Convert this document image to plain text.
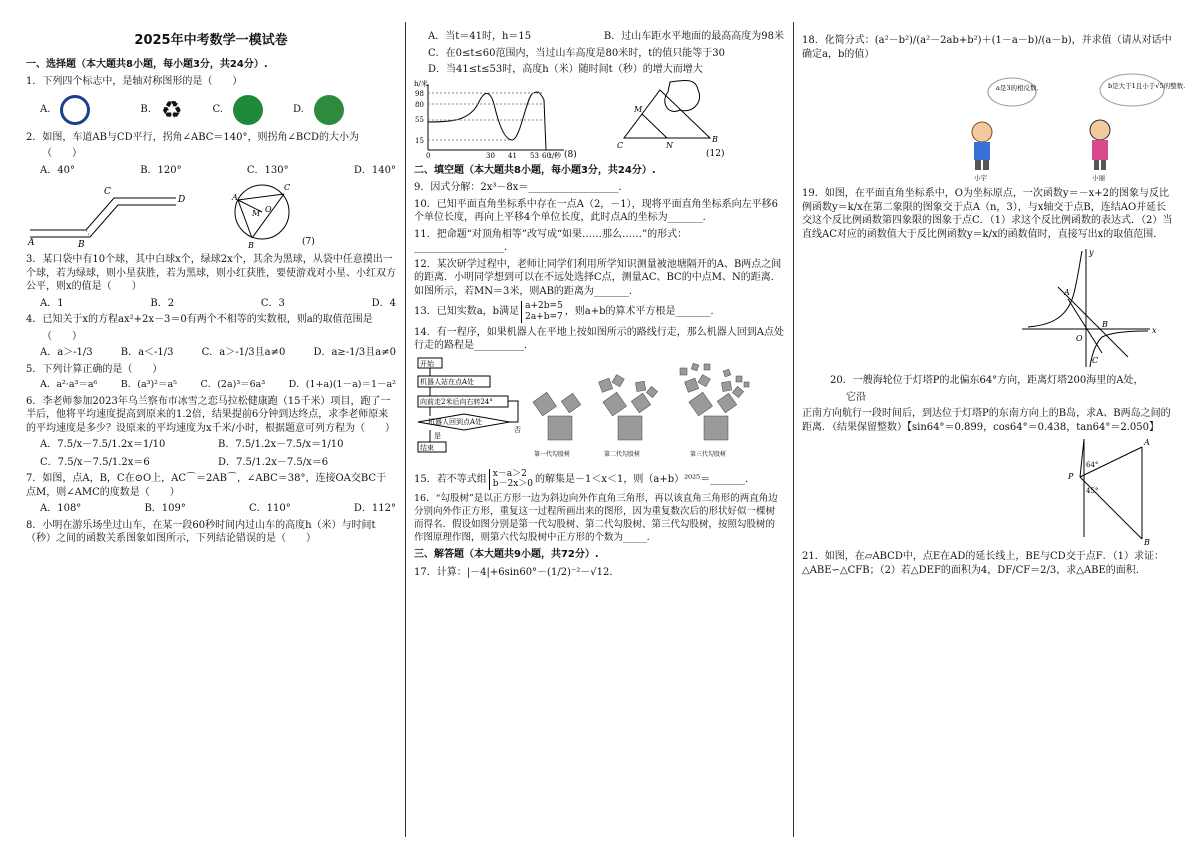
2025年中考数学一模试卷
一、选择题（本大题共8小题，每小题3分，共24分）.
1．下列四个标志中，是轴对称图形的是（　　）
A.	B. ♻	C.	D.
2．如图，车道AB与CD平行，拐角∠ABC＝140°，则拐角∠BCD的大小为
（　　）
A．40°	B．120°	C．130°	D．140°
A	B
C
D	A
B
C
O
M
(7)
3．某口袋中有10个球，其中白球x个，绿球2x个，其余为黑球，从袋中任意摸出一个球，若为绿球，则小星获胜，若为黑球，则小红获胜，要使游戏对小星、小红双方公平，则x的值是（　　）
A．1	B．2	C．3	D．4
4．已知关于x的方程ax²+2x－3＝0有两个不相等的实数根，则a的取值范围是
（　　）
A．a＞-1/3	B．a＜-1/3	C．a＞-1/3且a≠0	D．a≥-1/3且a≠0
5．下列计算正确的是（　　）
A．a²·a³＝a⁶ B．(a³)²＝a⁵ C．(2a)³＝6a³ D．(1+a)(1－a)＝1－a²
6．李老师参加2023年乌兰察布市冰雪之恋马拉松健康跑（15千米）项目，跑了一半后，他将平均速度提高到原来的1.2倍，结果提前6分钟到达终点，求李老师原来的平均速度是多少？设原来的平均速度为x千米/小时，根据题意可列方程为（　　）
A．7.5/x－7.5/1.2x＝1/10	B．7.5/1.2x－7.5/x＝1/10
C．7.5/x－7.5/1.2x＝6	D．7.5/1.2x－7.5/x＝6
7．如图，点A，B，C在⊙O上，AC⌒＝2AB⌒，∠ABC＝38°，连接OA交BC于点M，则∠AMC的度数是（　　）
A．108°	B．109°	C．110°	D．112°
8．小明在游乐场坐过山车，在某一段60秒时间内过山车的高度h（米）与时间t（秒）之间的函数关系图象如图所示，下列结论错误的是（　　）
A．当t＝41时，h＝15	B．过山车距水平地面的最高高度为98米
C．在0≤t≤60范围内，当过山车高度是80米时，t的值只能等于30
D．当41≤t≤53时，高度h（米）随时间t（秒）的增大而增大
h/米
t/秒
98
80
55
15
0	30 41 53 60 (8)
M
N
B
C
(12)
二、填空题（本大题共8小题，每小题3分，共24分）.
9．因式分解：2x³－8x＝__________________．
10．已知平面直角坐标系中存在一点A（2，－1），现将平面直角坐标系向左平移6个单位长度，再向上平移4个单位长度，此时点A的坐标为_______．
11．把命题“对顶角相等”改写成“如果……那么……”的形式：__________________．
12．某次研学过程中，老师让同学们利用所学知识测量被池塘隔开的A、B两点之间的距离．小明同学想到可以在不远处选择C点，测量AC、BC的中点M、N的距离．如图所示，若MN＝3米，则AB的距离为_______．
13．已知实数a，b满足
a+2b=5
2a+b=7 ，则a+b的算术平方根是_______．
14．有一程序，如果机器人在平地上按如图所示的路线行走，那么机器人回到A点处行走的路程是__________．
开始
机器人站在点A处
向前走2米后向右转24°
机器人回到点A处
结束
是
否
第一代勾股树	第二代勾股树	第三代勾股树
15．若不等式组
x－a＞2
b－2x＞0 的解集是－1＜x＜1，则（a+b）²⁰²⁵＝_______．
16．“勾股树”是以正方形一边为斜边向外作直角三角形，再以该直角三角形的两直角边分别向外作正方形，重复这一过程所画出来的图形，因为重复数次后的形状好似一棵树而得名．假设如图分别是第一代勾股树、第二代勾股树、第三代勾股树，按照勾股树的作图原理作图，则第六代勾股树中正方形的个数为_____．
三、解答题（本大题共9小题，共72分）.
17．计算：|－4|+6sin60°－(1/2)⁻²－√12．
18．化简分式：(a²－b²)/(a²－2ab+b²)＋(1－a－b)/(a－b)，并求值（请从对话中确定a，b的值）
a是3的相反数.
小宇
b是大于1且小于√5的整数.
小丽
19．如图，在平面直角坐标系中，O为坐标原点，一次函数y＝－x+2的图象与反比例函数y＝k/x在第二象限的图象交于点A（n，3），与x轴交于点B，连结AO并延长交这个反比例函数第四象限的图象于点C．（1）求这个反比例函数的表达式．（2）当直线AC对应的函数值大于反比例函数y＝k/x的函数值时，直接写出x的取值范围．
x
y
A
B
C
O
20．一艘海轮位于灯塔P的北偏东64°方向，距离灯塔200海里的A处，
它沿
正南方向航行一段时间后，到达位于灯塔P的东南方向上的B岛，求A、B两岛之间的距离．（结果保留整数）【sin64°＝0.899，cos64°＝0.438，tan64°＝2.050】
P
A
B
64°
45°
21．如图，在▱ABCD中，点E在AD的延长线上，BE与CD交于点F．（1）求证：△ABE∽△CFB；（2）若△DEF的面积为4，DF/CF＝2/3，求△ABE的面积．
